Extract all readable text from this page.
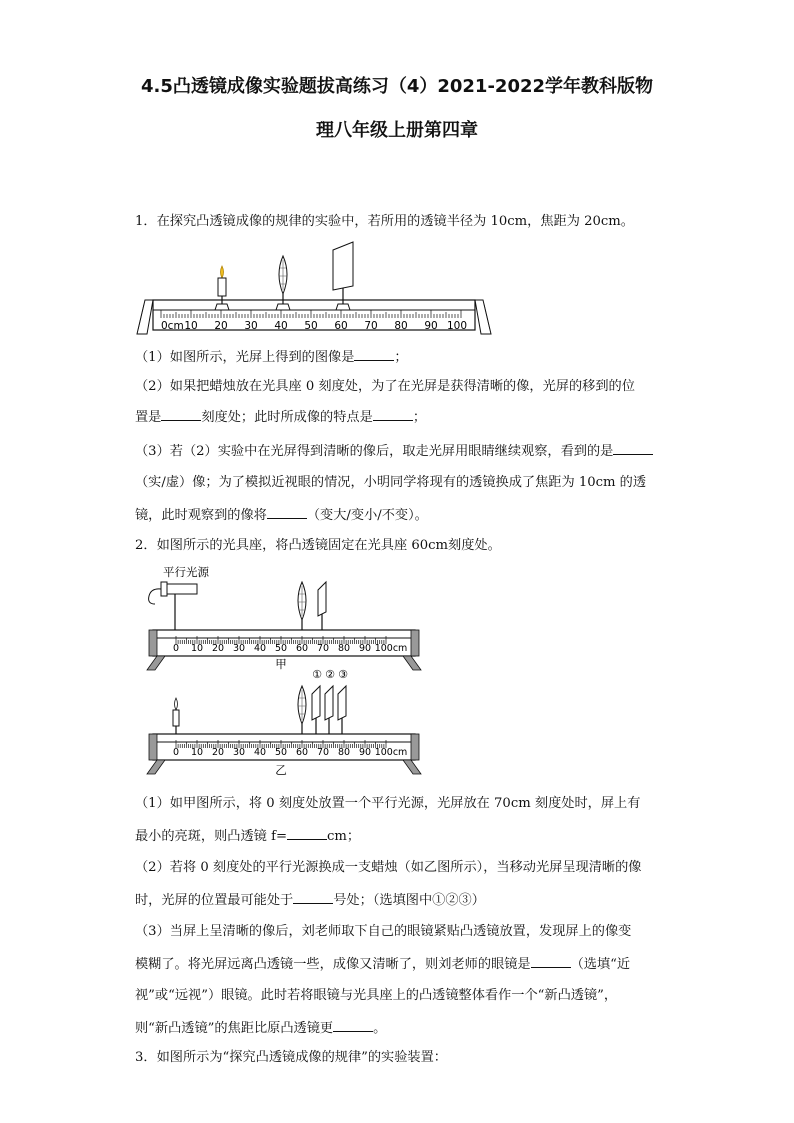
4.5凸透镜成像实验题拔高练习（4）2021-2022学年教科版物
理八年级上册第四章
1．在探究凸透镜成像的规律的实验中，若所用的透镜半径为 10cm，焦距为 20cm。
0cm 10 20 30 40 50 60 70 80 90 100
（1）如图所示，光屏上得到的图像是	；
（2）如果把蜡烛放在光具座 0 刻度处，为了在光屏是获得清晰的像，光屏的移到的位
置是	刻度处；此时所成像的特点是	；
（3）若（2）实验中在光屏得到清晰的像后，取走光屏用眼睛继续观察，看到的是
（实/虚）像；为了模拟近视眼的情况，小明同学将现有的透镜换成了焦距为 10cm 的透
镜，此时观察到的像将	（变大/变小/不变）。
2．如图所示的光具座，将凸透镜固定在光具座 60cm刻度处。
平行光源
0 10 20 30 40 50 60 70 80 90 100cm
甲
① ② ③
0 10 20 30 40 50 60 70 80 90 100cm
乙
（1）如甲图所示，将 0 刻度处放置一个平行光源，光屏放在 70cm 刻度处时，屏上有
最小的亮斑，则凸透镜 f=	cm；
（2）若将 0 刻度处的平行光源换成一支蜡烛（如乙图所示），当移动光屏呈现清晰的像
时，光屏的位置最可能处于	号处；（选填图中①②③）
（3）当屏上呈清晰的像后，刘老师取下自己的眼镜紧贴凸透镜放置，发现屏上的像变
模糊了。将光屏远离凸透镜一些，成像又清晰了，则刘老师的眼镜是	（选填“近
视”或“远视”）眼镜。此时若将眼镜与光具座上的凸透镜整体看作一个“新凸透镜”，
则“新凸透镜”的焦距比原凸透镜更	。
3．如图所示为“探究凸透镜成像的规律”的实验装置：
